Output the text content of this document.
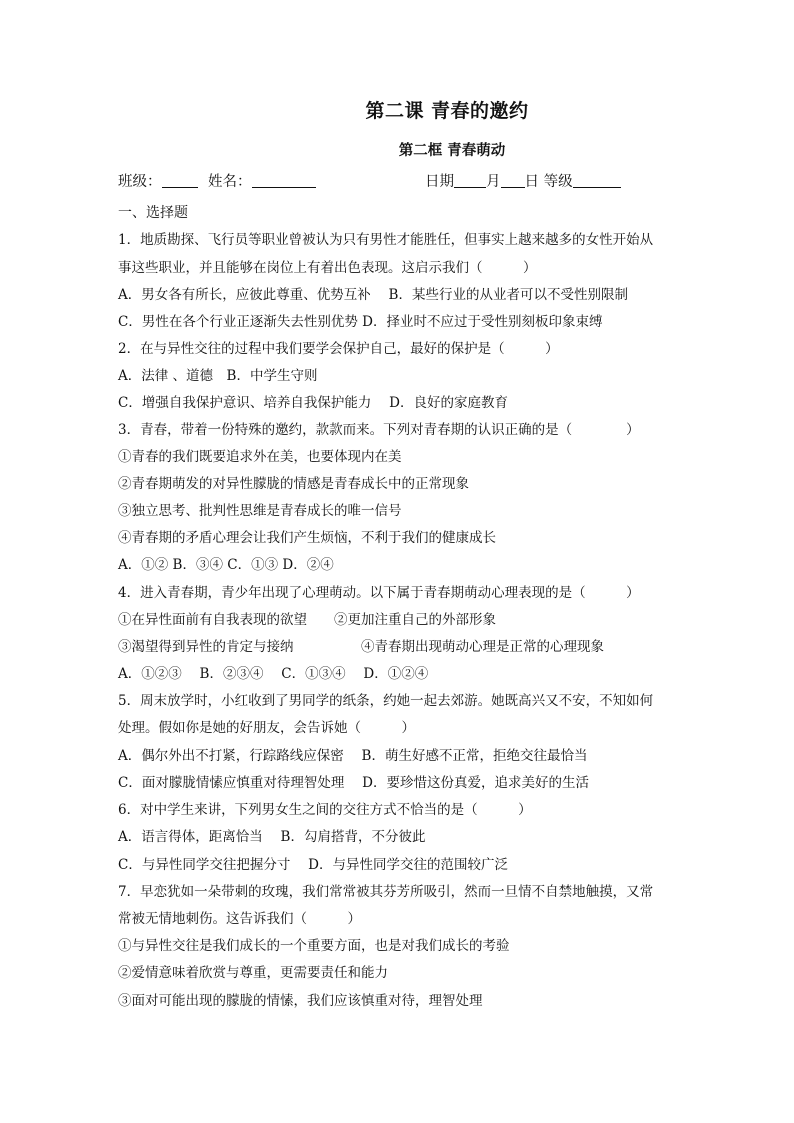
第二课 青春的邀约
第二框 青春萌动
班级：	姓名：	日期 月 日 等级
一、选择题
1．地质勘探、飞行员等职业曾被认为只有男性才能胜任，但事实上越来越多的女性开始从
事这些职业，并且能够在岗位上有着出色表现。这启示我们（　　　）
A．男女各有所长，应彼此尊重、优势互补　 B．某些行业的从业者可以不受性别限制
C．男性在各个行业正逐渐失去性别优势 D．择业时不应过于受性别刻板印象束缚
2．在与异性交往的过程中我们要学会保护自己，最好的保护是（　　　）
A．法律 、道德　B．中学生守则
C．增强自我保护意识、培养自我保护能力　 D．良好的家庭教育
3．青春，带着一份特殊的邀约，款款而来。下列对青春期的认识正确的是（　　　　）
①青春的我们既要追求外在美，也要体现内在美
②青春期萌发的对异性朦胧的情感是青春成长中的正常现象
③独立思考、批判性思维是青春成长的唯一信号
④青春期的矛盾心理会让我们产生烦恼，不利于我们的健康成长
A．①② B．③④ C．①③ D．②④
4．进入青春期，青少年出现了心理萌动。以下属于青春期萌动心理表现的是（　　　）
①在异性面前有自我表现的欲望　　②更加注重自己的外部形象
③渴望得到异性的肯定与接纳　　　　　④青春期出现萌动心理是正常的心理现象
A．①②③　 B．②③④　 C．①③④　 D．①②④
5．周末放学时，小红收到了男同学的纸条，约她一起去郊游。她既高兴又不安，不知如何
处理。假如你是她的好朋友，会告诉她（　　　）
A．偶尔外出不打紧，行踪路线应保密　 B．萌生好感不正常，拒绝交往最恰当
C．面对朦胧情愫应慎重对待理智处理　 D．要珍惜这份真爱，追求美好的生活
6．对中学生来讲，下列男女生之间的交往方式不恰当的是（　　　）
A．语言得体，距离恰当　 B．勾肩搭背，不分彼此
C．与异性同学交往把握分寸　 D．与异性同学交往的范围较广泛
7．早恋犹如一朵带刺的玫瑰，我们常常被其芬芳所吸引，然而一旦情不自禁地触摸，又常
常被无情地刺伤。这告诉我们（　　　）
①与异性交往是我们成长的一个重要方面，也是对我们成长的考验
②爱情意味着欣赏与尊重，更需要责任和能力
③面对可能出现的朦胧的情愫，我们应该慎重对待，理智处理
